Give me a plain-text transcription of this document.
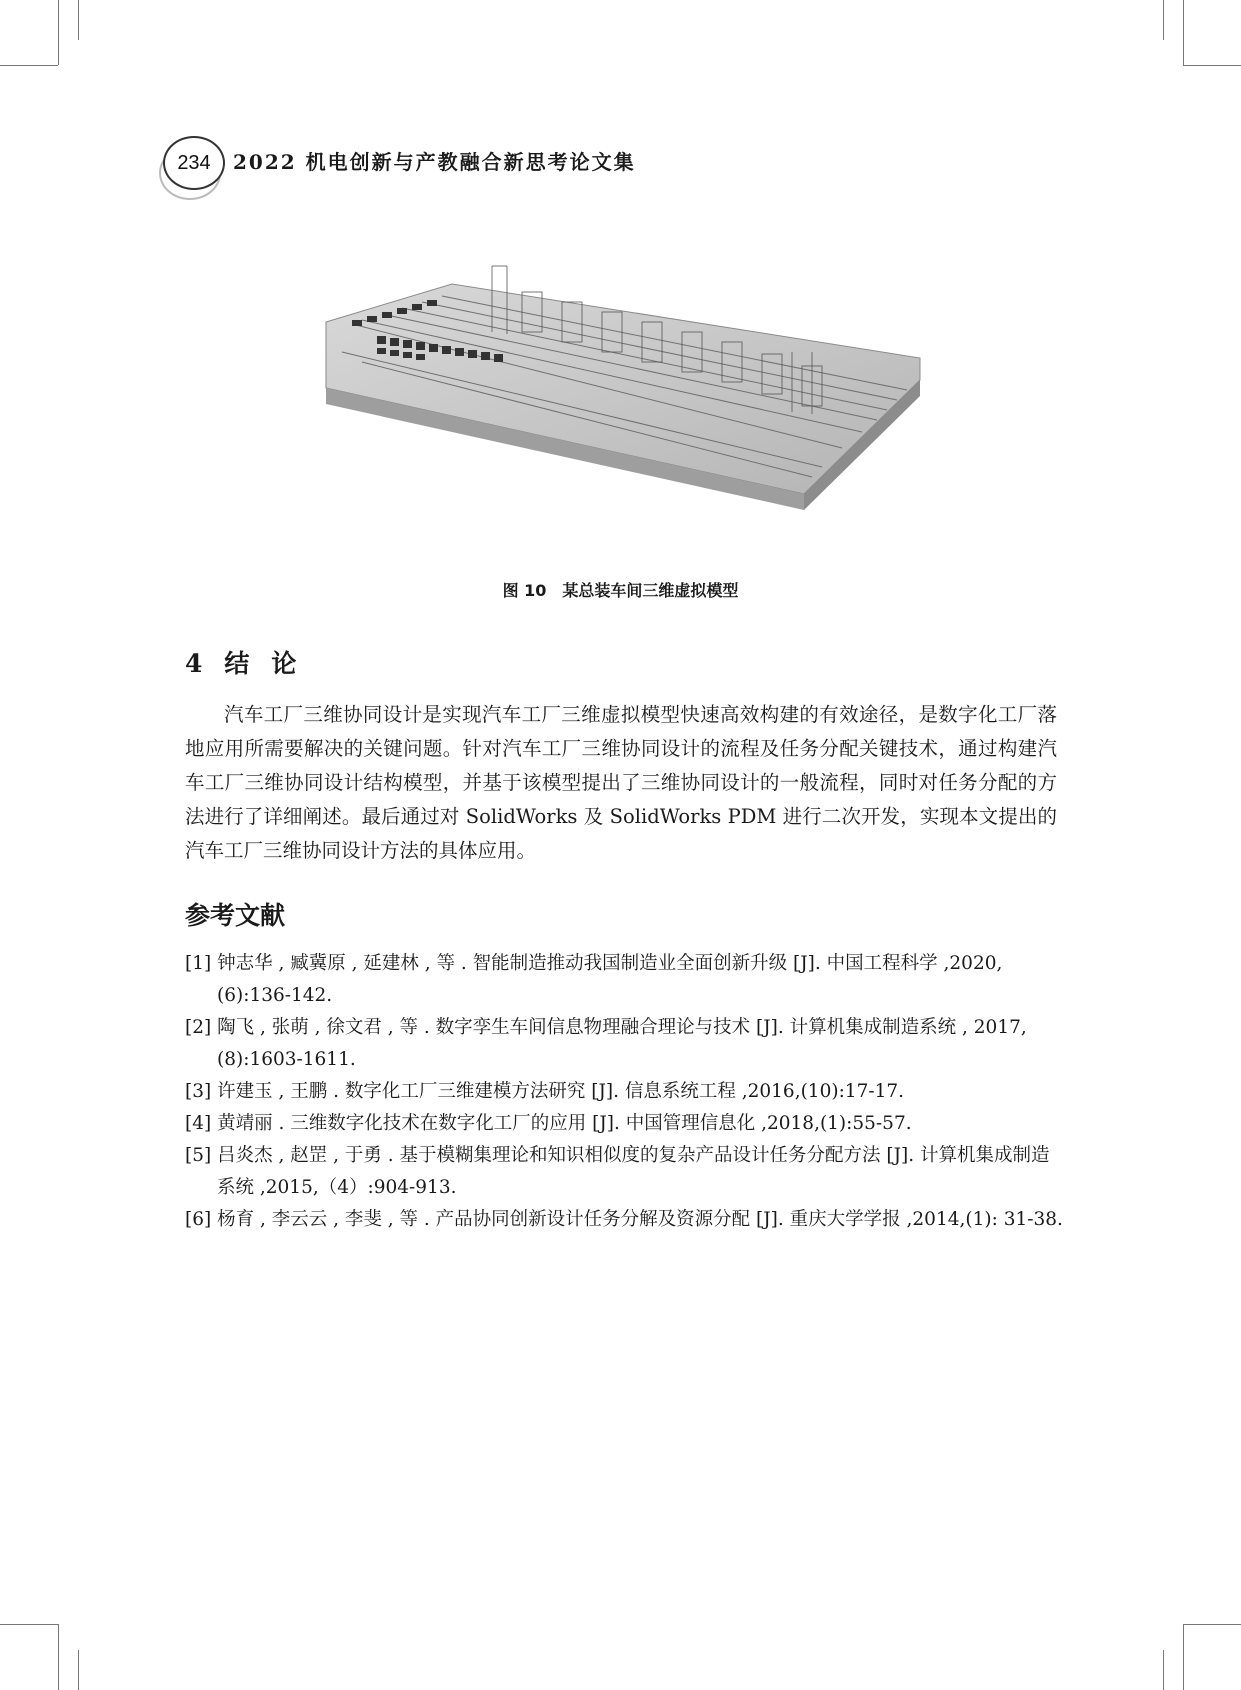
234	2022 机电创新与产教融合新思考论文集
图 10　某总装车间三维虚拟模型
4 结论

汽车工厂三维协同设计是实现汽车工厂三维虚拟模型快速高效构建的有效途径，是数字化工厂落地应用所需要解决的关键问题。针对汽车工厂三维协同设计的流程及任务分配关键技术，通过构建汽车工厂三维协同设计结构模型，并基于该模型提出了三维协同设计的一般流程，同时对任务分配的方法进行了详细阐述。最后通过对 SolidWorks 及 SolidWorks PDM 进行二次开发，实现本文提出的汽车工厂三维协同设计方法的具体应用。

参考文献
[1] 钟志华 , 臧冀原 , 延建林 , 等 . 智能制造推动我国制造业全面创新升级 [J]. 中国工程科学 ,2020,(6):136-142.
[2] 陶飞 , 张萌 , 徐文君 , 等 . 数字孪生车间信息物理融合理论与技术 [J]. 计算机集成制造系统 , 2017,(8):1603-1611.
[3] 许建玉 , 王鹏 . 数字化工厂三维建模方法研究 [J]. 信息系统工程 ,2016,(10):17-17.
[4] 黄靖丽 . 三维数字化技术在数字化工厂的应用 [J]. 中国管理信息化 ,2018,(1):55-57.
[5] 吕炎杰 , 赵罡 , 于勇 . 基于模糊集理论和知识相似度的复杂产品设计任务分配方法 [J]. 计算机集成制造系统 ,2015,（4）:904-913.
[6] 杨育 , 李云云 , 李斐 , 等 . 产品协同创新设计任务分解及资源分配 [J]. 重庆大学学报 ,2014,(1): 31-38.
